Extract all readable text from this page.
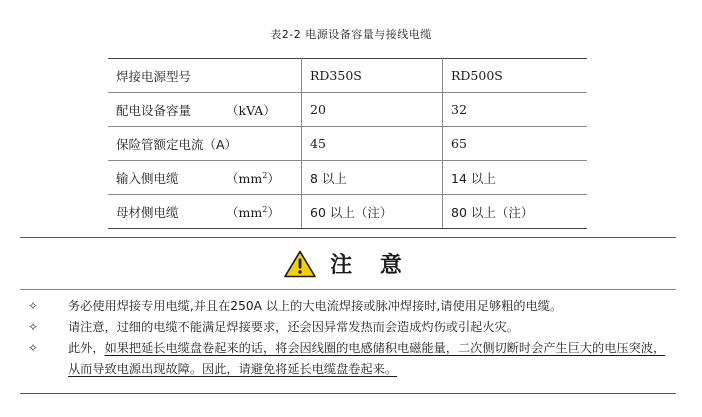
表2-2 电源设备容量与接线电缆
焊接电源型号	RD350S	RD500S

配电设备容量 （kVA）	20	32
保险管额定电流（A）	45	65

输入侧电缆 $(mm^2)$	8 以上	14 以上

母材侧电缆 $(mm^2)$	60 以上（注）	80 以上（注）
注 意
✧	务必使用焊接专用电缆,并且在250A 以上的大电流焊接或脉冲焊接时,请使用足够粗的电缆。
✧	请注意，过细的电缆不能满足焊接要求，还会因异常发热而会造成灼伤或引起火灾。
✧	此外，如果把延长电缆盘卷起来的话，将会因线圈的电感储积电磁能量，二次侧切断时会产生巨大的电压突波，从而导致电源出现故障。因此，请避免将延长电缆盘卷起来。
